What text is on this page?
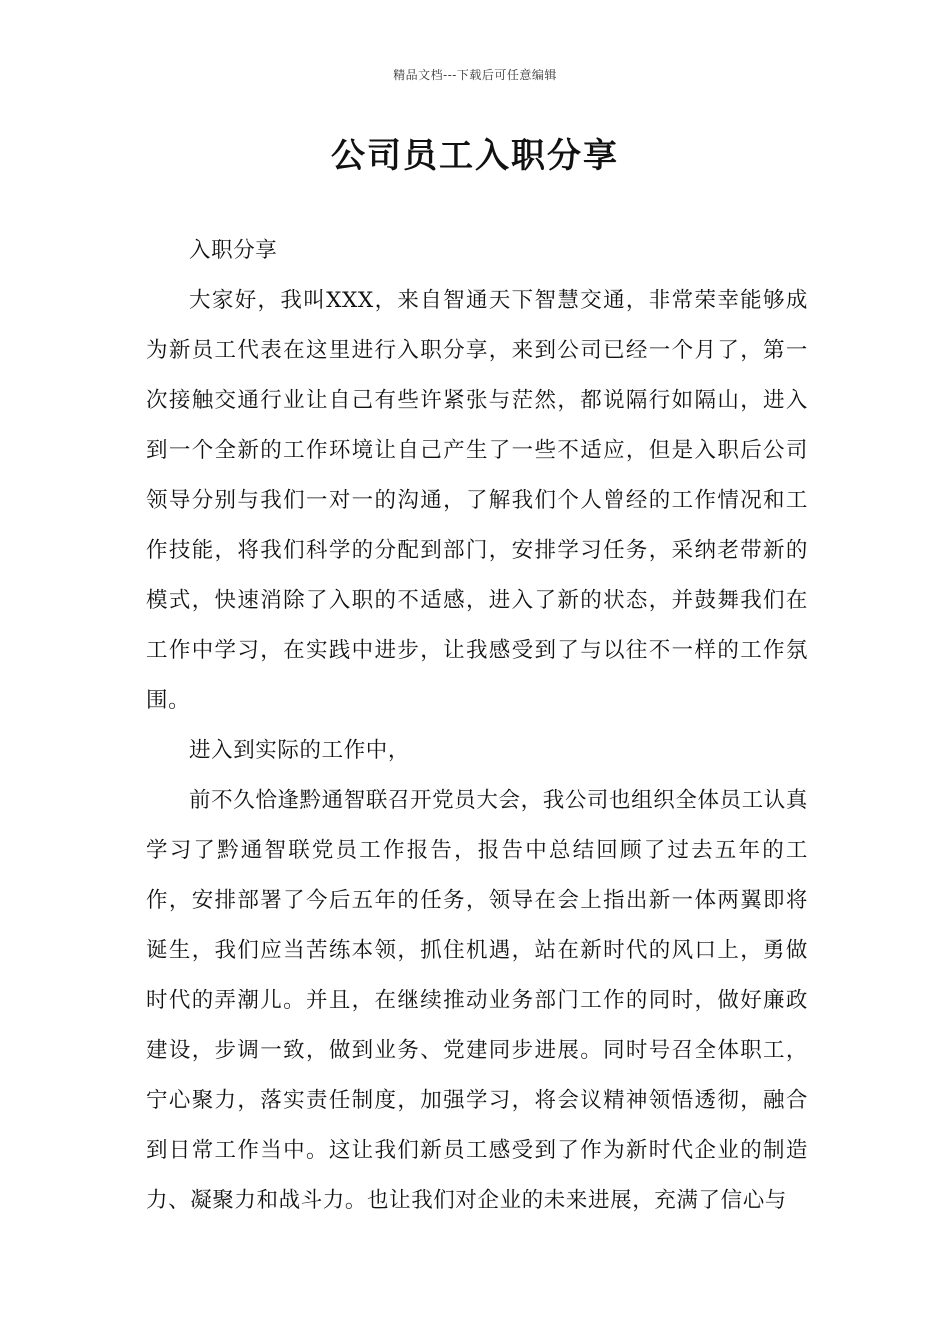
精品文档---下载后可任意编辑
公司员工入职分享

入职分享

大家好，我叫XXX，来自智通天下智慧交通，非常荣幸能够成为新员工代表在这里进行入职分享，来到公司已经一个月了，第一次接触交通行业让自己有些许紧张与茫然，都说隔行如隔山，进入到一个全新的工作环境让自己产生了一些不适应，但是入职后公司领导分别与我们一对一的沟通，了解我们个人曾经的工作情况和工作技能，将我们科学的分配到部门，安排学习任务，采纳老带新的模式，快速消除了入职的不适感，进入了新的状态，并鼓舞我们在工作中学习，在实践中进步，让我感受到了与以往不一样的工作氛围。

进入到实际的工作中，

前不久恰逢黔通智联召开党员大会，我公司也组织全体员工认真学习了黔通智联党员工作报告，报告中总结回顾了过去五年的工作，安排部署了今后五年的任务，领导在会上指出新一体两翼即将诞生，我们应当苦练本领，抓住机遇，站在新时代的风口上，勇做时代的弄潮儿。并且，在继续推动业务部门工作的同时，做好廉政建设，步调一致，做到业务、党建同步进展。同时号召全体职工，宁心聚力，落实责任制度，加强学习，将会议精神领悟透彻，融合到日常工作当中。这让我们新员工感受到了作为新时代企业的制造力、凝聚力和战斗力。也让我们对企业的未来进展，充满了信心与
